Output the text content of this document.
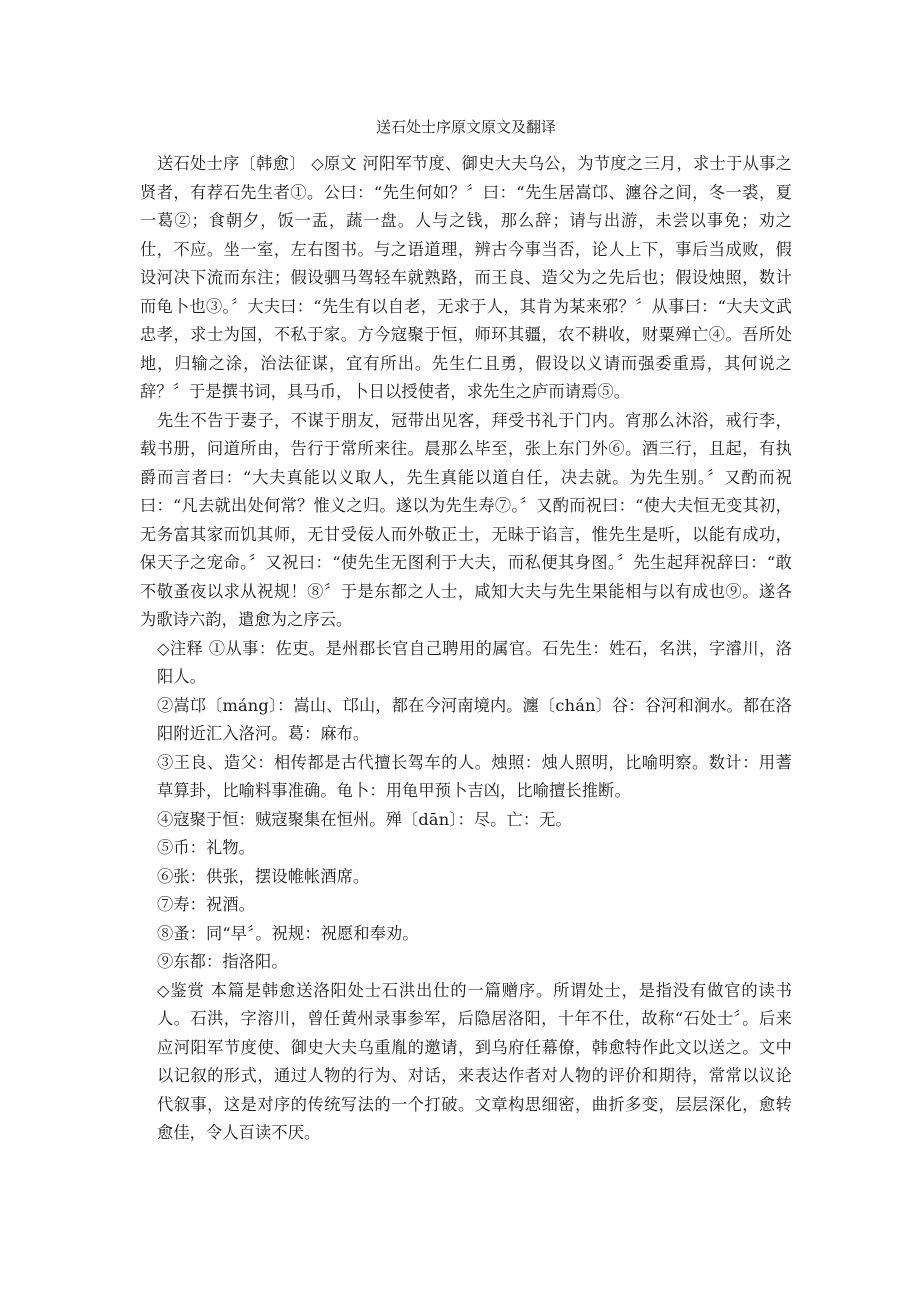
送石处士序原文原文及翻译

送石处士序〔韩愈〕 ◇原文 河阳军节度、御史大夫乌公，为节度之三月，求士于从事之贤者，有荐石先生者①。公曰：“先生何如？〞曰：“先生居嵩邙、瀍谷之间，冬一裘，夏一葛②；食朝夕，饭一盂，蔬一盘。人与之钱，那么辞；请与出游，未尝以事免；劝之仕，不应。坐一室，左右图书。与之语道理，辨古今事当否，论人上下，事后当成败，假设河决下流而东注；假设驷马驾轻车就熟路，而王良、造父为之先后也；假设烛照，数计而龟卜也③。〞大夫曰：“先生有以自老，无求于人，其肯为某来邪？〞从事曰：“大夫文武忠孝，求士为国，不私于家。方今寇聚于恒，师环其疆，农不耕收，财粟殚亡④。吾所处地，归输之涂，治法征谋，宜有所出。先生仁且勇，假设以义请而强委重焉，其何说之辞？〞于是撰书词，具马币，卜日以授使者，求先生之庐而请焉⑤。

先生不告于妻子，不谋于朋友，冠带出见客，拜受书礼于门内。宵那么沐浴，戒行李，载书册，问道所由，告行于常所来往。晨那么毕至，张上东门外⑥。酒三行，且起，有执爵而言者曰：“大夫真能以义取人，先生真能以道自任，决去就。为先生别。〞又酌而祝曰：“凡去就出处何常？惟义之归。遂以为先生寿⑦。〞又酌而祝曰：“使大夫恒无变其初，无务富其家而饥其师，无甘受佞人而外敬正士，无昧于谄言，惟先生是听，以能有成功，保天子之宠命。〞又祝曰：“使先生无图利于大夫，而私便其身图。〞先生起拜祝辞曰：“敢不敬蚤夜以求从祝规！⑧〞于是东都之人士，咸知大夫与先生果能相与以有成也⑨。遂各为歌诗六韵，遣愈为之序云。

◇注释 ①从事：佐吏。是州郡长官自己聘用的属官。石先生：姓石，名洪，字濬川，洛阳人。

②嵩邙〔máng〕：嵩山、邙山，都在今河南境内。瀍〔chán〕谷：谷河和涧水。都在洛阳附近汇入洛河。葛：麻布。

③王良、造父：相传都是古代擅长驾车的人。烛照：烛人照明，比喻明察。数计：用蓍草算卦，比喻料事准确。龟卜：用龟甲预卜吉凶，比喻擅长推断。

④寇聚于恒：贼寇聚集在恒州。殚〔dān〕：尽。亡：无。

⑤币：礼物。

⑥张：供张，摆设帷帐酒席。

⑦寿：祝酒。

⑧蚤：同“早〞。祝规：祝愿和奉劝。

⑨东都：指洛阳。

◇鉴赏 本篇是韩愈送洛阳处士石洪出仕的一篇赠序。所谓处士，是指没有做官的读书人。石洪，字溶川，曾任黄州录事参军，后隐居洛阳，十年不仕，故称“石处士〞。后来应河阳军节度使、御史大夫乌重胤的邀请，到乌府任幕僚，韩愈特作此文以送之。文中以记叙的形式，通过人物的行为、对话，来表达作者对人物的评价和期待，常常以议论代叙事，这是对序的传统写法的一个打破。文章构思细密，曲折多变，层层深化，愈转愈佳，令人百读不厌。
